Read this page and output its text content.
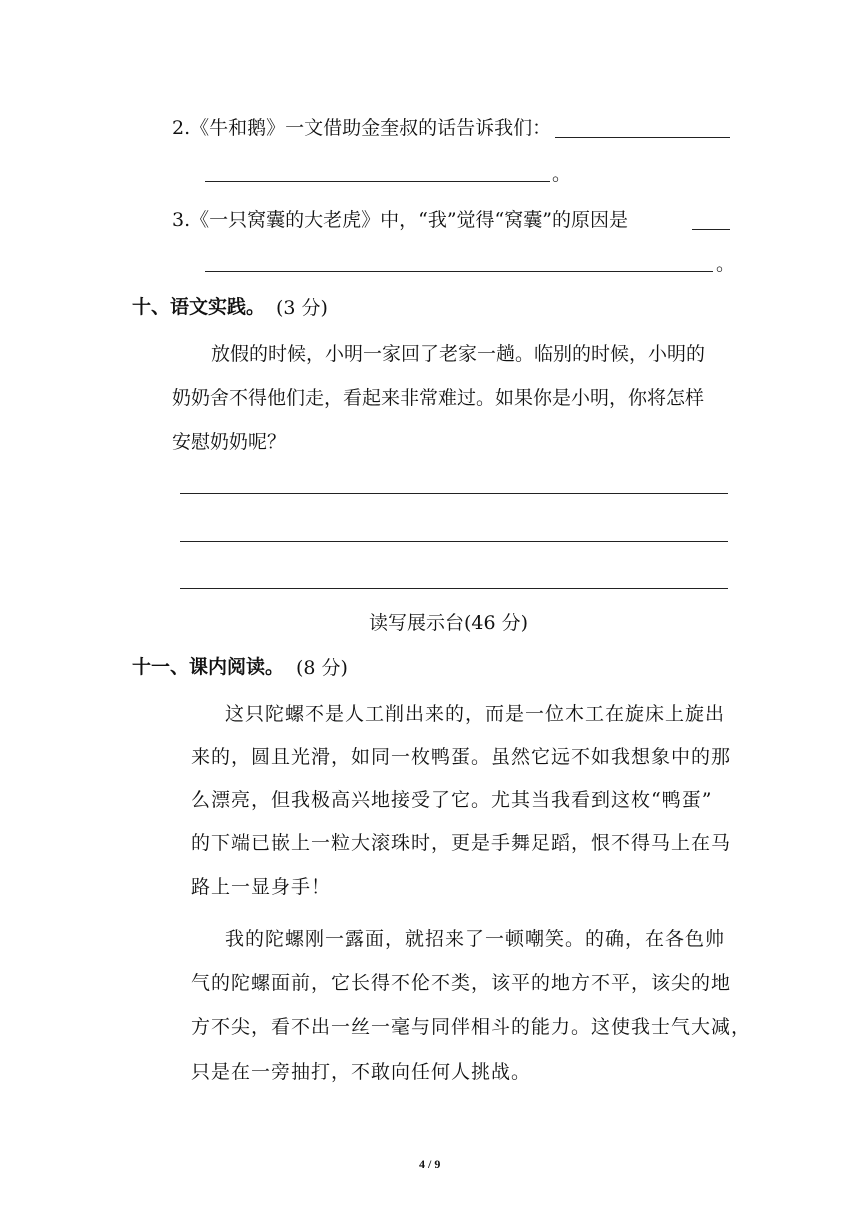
2.《牛和鹅》一文借助金奎叔的话告诉我们：
。
3.《一只窝囊的大老虎》中，“我”觉得“窝囊”的原因是
。
十、语文实践。 (3 分)
放假的时候，小明一家回了老家一趟。临别的时候，小明的
奶奶舍不得他们走，看起来非常难过。如果你是小明，你将怎样
安慰奶奶呢？
读写展示台(46 分)
十一、课内阅读。 (8 分)
这只陀螺不是人工削出来的，而是一位木工在旋床上旋出
来的，圆且光滑，如同一枚鸭蛋。虽然它远不如我想象中的那
么漂亮，但我极高兴地接受了它。尤其当我看到这枚“鸭蛋”
的下端已嵌上一粒大滚珠时，更是手舞足蹈，恨不得马上在马
路上一显身手！
我的陀螺刚一露面，就招来了一顿嘲笑。的确，在各色帅
气的陀螺面前，它长得不伦不类，该平的地方不平，该尖的地
方不尖，看不出一丝一毫与同伴相斗的能力。这使我士气大减，
只是在一旁抽打，不敢向任何人挑战。
4 / 9
